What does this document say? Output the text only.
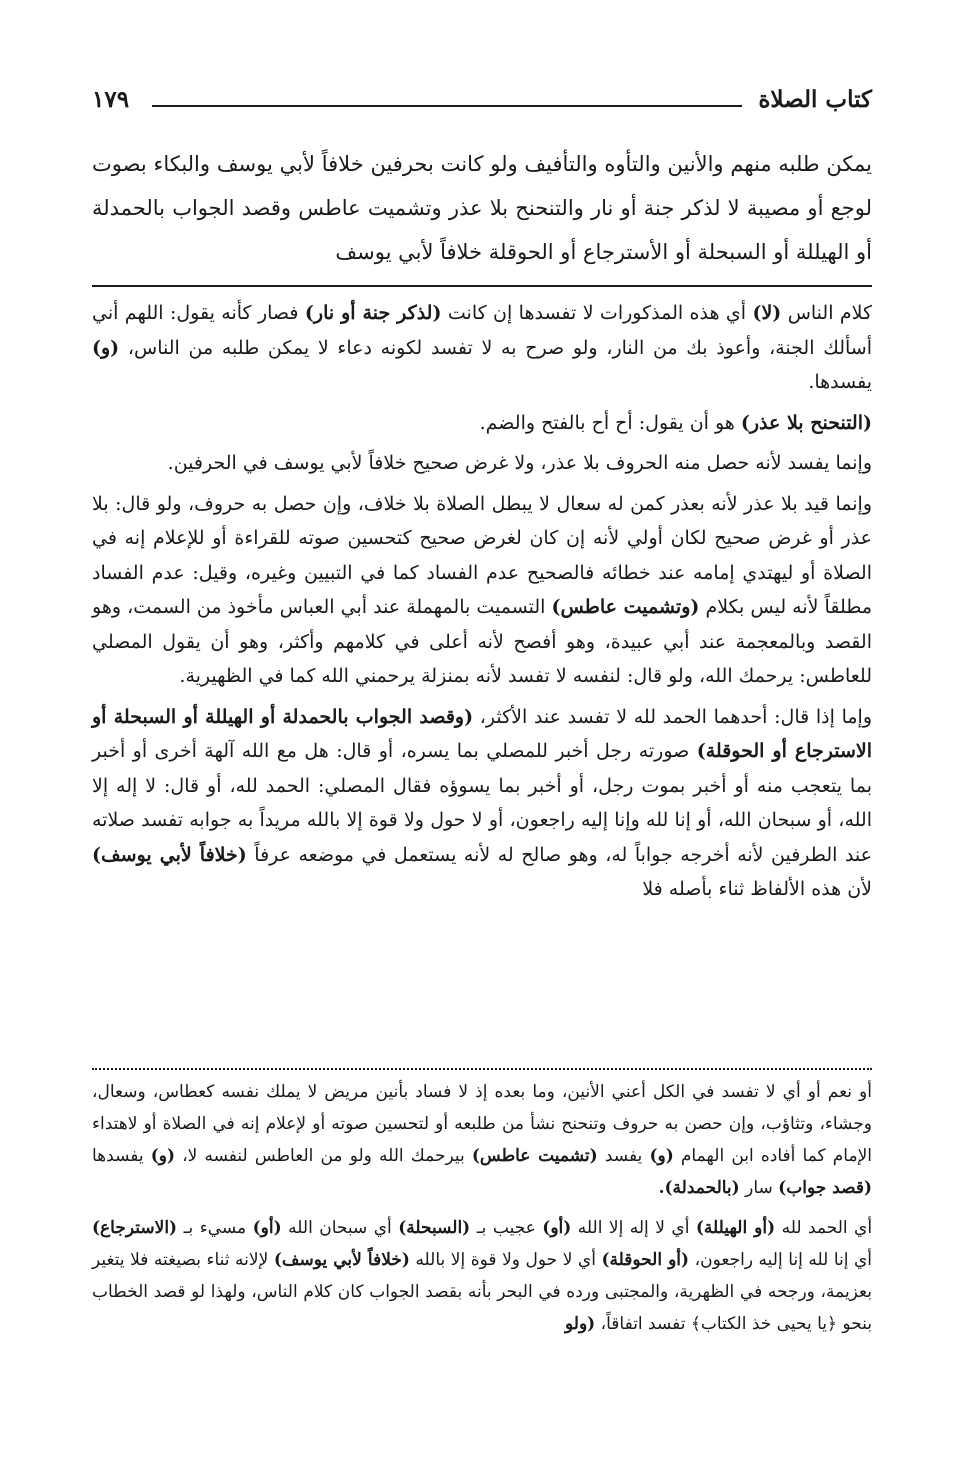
كتاب الصلاة
١٧٩
يمكن طلبه منهم والأنين والتأوه والتأفيف ولو كانت بحرفين خلافاً لأبي يوسف والبكاء بصوت لوجع أو مصيبة لا لذكر جنة أو نار والتنحنح بلا عذر وتشميت عاطس وقصد الجواب بالحمدلة أو الهيللة أو السبحلة أو الأسترجاع أو الحوقلة خلافاً لأبي يوسف

كلام الناس (لا) أي هذه المذكورات لا تفسدها إن كانت (لذكر جنة أو نار) فصار كأنه يقول: اللهم أني أسألك الجنة، وأعوذ بك من النار، ولو صرح به لا تفسد لكونه دعاء لا يمكن طلبه من الناس، (و) يفسدها.

(التنحنح بلا عذر) هو أن يقول: أح أح بالفتح والضم.

وإنما يفسد لأنه حصل منه الحروف بلا عذر، ولا غرض صحيح خلافاً لأبي يوسف في الحرفين.

وإنما قيد بلا عذر لأنه بعذر كمن له سعال لا يبطل الصلاة بلا خلاف، وإن حصل به حروف، ولو قال: بلا عذر أو غرض صحيح لكان أولي لأنه إن كان لغرض صحيح كتحسين صوته للقراءة أو للإعلام إنه في الصلاة أو ليهتدي إمامه عند خطائه فالصحيح عدم الفساد كما في التبيين وغيره، وقيل: عدم الفساد مطلقاً لأنه ليس بكلام (وتشميت عاطس) التسميت بالمهملة عند أبي العباس مأخوذ من السمت، وهو القصد وبالمعجمة عند أبي عبيدة، وهو أفصح لأنه أعلى في كلامهم وأكثر، وهو أن يقول المصلي للعاطس: يرحمك الله، ولو قال: لنفسه لا تفسد لأنه بمنزلة يرحمني الله كما في الظهيرية.

وإما إذا قال: أحدهما الحمد لله لا تفسد عند الأكثر، (وقصد الجواب بالحمدلة أو الهيللة أو السبحلة أو الاسترجاع أو الحوقلة) صورته رجل أخبر للمصلي بما يسره، أو قال: هل مع الله آلهة أخرى أو أخبر بما يتعجب منه أو أخبر بموت رجل، أو أخبر بما يسوؤه فقال المصلي: الحمد لله، أو قال: لا إله إلا الله، أو سبحان الله، أو إنا لله وإنا إليه راجعون، أو لا حول ولا قوة إلا بالله مريداً به جوابه تفسد صلاته عند الطرفين لأنه أخرجه جواباً له، وهو صالح له لأنه يستعمل في موضعه عرفاً (خلافاً لأبي يوسف) لأن هذه الألفاظ ثناء بأصله فلا

أو نعم أو أي لا تفسد في الكل أعني الأنين، وما بعده إذ لا فساد بأنين مريض لا يملك نفسه كعطاس، وسعال، وجشاء، وتثاؤب، وإن حصن به حروف وتنحنح نشأ من طلبعه أو لتحسين صوته أو لإعلام إنه في الصلاة أو لاهتداء الإمام كما أفاده ابن الهمام (و) يفسد (تشميت عاطس) بيرحمك الله ولو من العاطس لنفسه لا، (و) يفسدها (قصد جواب) سار (بالحمدلة).

أي الحمد لله (أو الهيللة) أي لا إله إلا الله (أو) عجيب بـ (السبحلة) أي سبحان الله (أو) مسيء بـ (الاسترجاع) أي إنا لله إنا إليه راجعون، (أو الحوقلة) أي لا حول ولا قوة إلا بالله (خلافاً لأبي يوسف) لإلانه ثناء بصيغته فلا يتغير بعزيمة، ورجحه في الظهرية، والمجتبى ورده في البحر بأنه بقصد الجواب كان كلام الناس، ولهذا لو قصد الخطاب بنحو ﴿يا يحيى خذ الكتاب﴾ تفسد اتفاقاً، (ولو
